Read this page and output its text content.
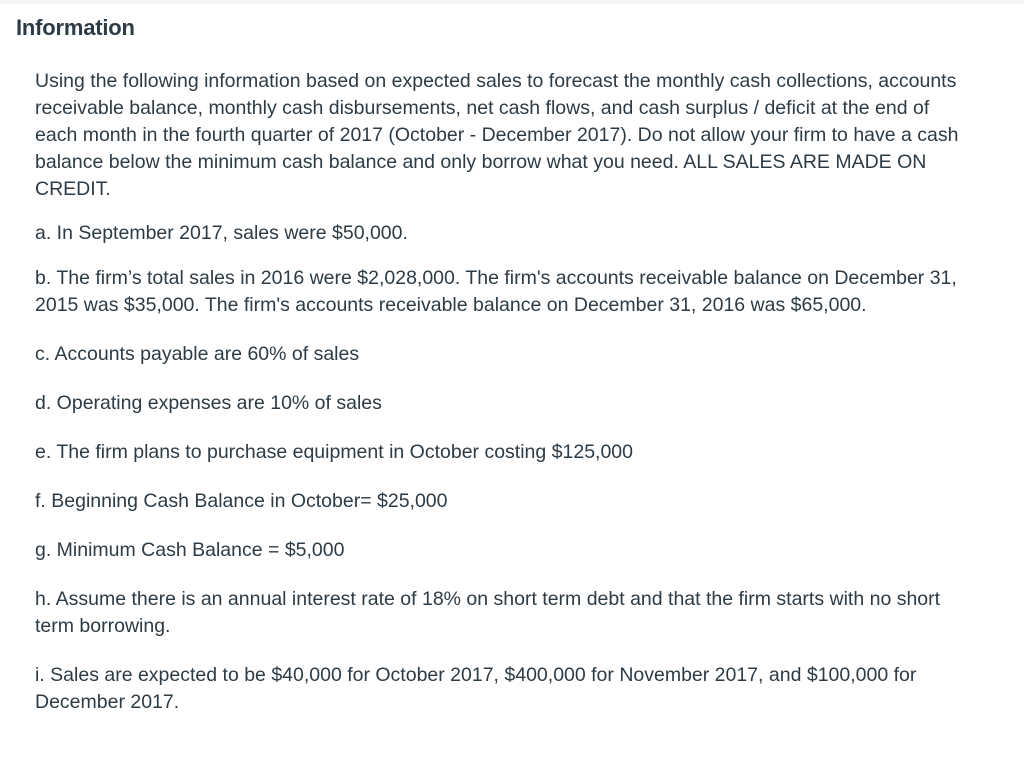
Information

Using the following information based on expected sales to forecast the monthly cash collections, accounts receivable balance, monthly cash disbursements, net cash flows, and cash surplus / deficit at the end of each month in the fourth quarter of 2017 (October - December 2017). Do not allow your firm to have a cash balance below the minimum cash balance and only borrow what you need. ALL SALES ARE MADE ON CREDIT.

a. In September 2017, sales were $50,000.

b. The firm’s total sales in 2016 were $2,028,000. The firm's accounts receivable balance on December 31, 2015 was $35,000. The firm's accounts receivable balance on December 31, 2016 was $65,000.

c. Accounts payable are 60% of sales

d. Operating expenses are 10% of sales

e. The firm plans to purchase equipment in October costing $125,000

f. Beginning Cash Balance in October= $25,000

g. Minimum Cash Balance = $5,000

h. Assume there is an annual interest rate of 18% on short term debt and that the firm starts with no short term borrowing.

i. Sales are expected to be $40,000 for October 2017, $400,000 for November 2017, and $100,000 for December 2017.
